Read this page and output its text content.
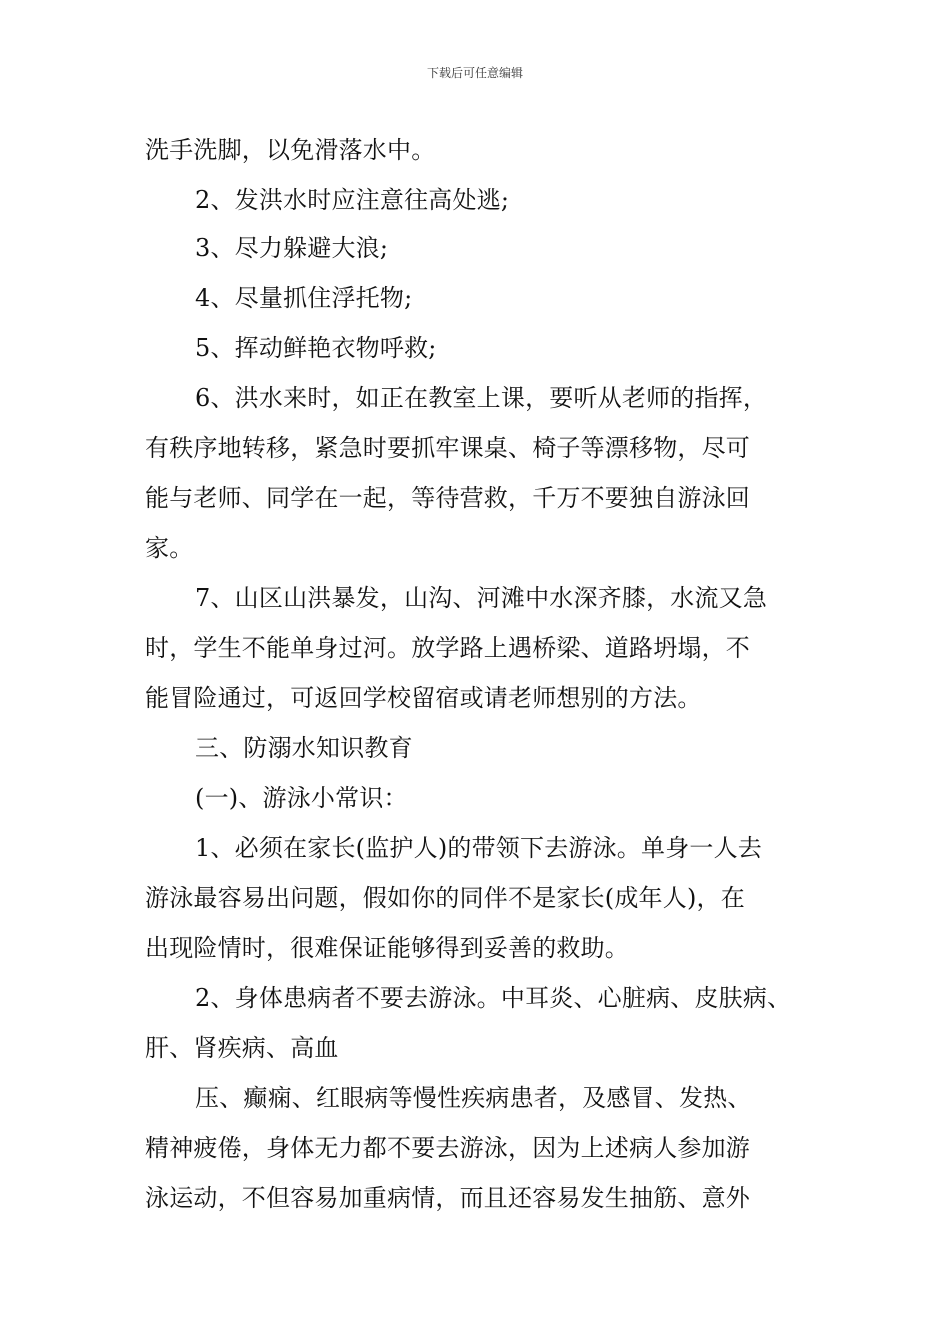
下载后可任意编辑
洗手洗脚，以免滑落水中。
2、发洪水时应注意往高处逃;
3、尽力躲避大浪;
4、尽量抓住浮托物;
5、挥动鲜艳衣物呼救;
6、洪水来时，如正在教室上课，要听从老师的指挥，
有秩序地转移，紧急时要抓牢课桌、椅子等漂移物，尽可
能与老师、同学在一起，等待营救，千万不要独自游泳回
家。
7、山区山洪暴发，山沟、河滩中水深齐膝，水流又急
时，学生不能单身过河。放学路上遇桥梁、道路坍塌，不
能冒险通过，可返回学校留宿或请老师想别的方法。
三、防溺水知识教育
(一)、游泳小常识：
1、必须在家长(监护人)的带领下去游泳。单身一人去
游泳最容易出问题，假如你的同伴不是家长(成年人)，在
出现险情时，很难保证能够得到妥善的救助。
2、身体患病者不要去游泳。中耳炎、心脏病、皮肤病、
肝、肾疾病、高血
压、癫痫、红眼病等慢性疾病患者，及感冒、发热、
精神疲倦，身体无力都不要去游泳，因为上述病人参加游
泳运动，不但容易加重病情，而且还容易发生抽筋、意外
